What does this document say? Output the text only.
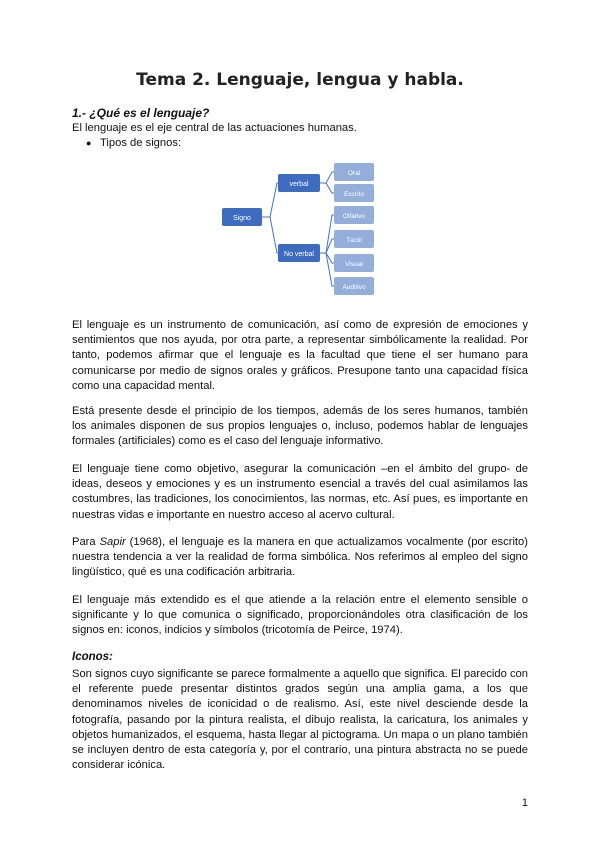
Tema 2. Lenguaje, lengua y habla.

1.- ¿Qué es el lenguaje?

El lenguaje es el eje central de las actuaciones humanas.

● Tipos de signos:

Signo
verbal
No verbal
Oral
Escrito
Olfativo
Táctil
Visual
Auditivo

El lenguaje es un instrumento de comunicación, así como de expresión de emociones y sentimientos que nos ayuda, por otra parte, a representar simbólicamente la realidad. Por tanto, podemos afirmar que el lenguaje es la facultad que tiene el ser humano para comunicarse por medio de signos orales y gráficos. Presupone tanto una capacidad física como una capacidad mental.

Está presente desde el principio de los tiempos, además de los seres humanos, también los animales disponen de sus propios lenguajes o, incluso, podemos hablar de lenguajes formales (artificiales) como es el caso del lenguaje informativo.

El lenguaje tiene como objetivo, asegurar la comunicación –en el ámbito del grupo- de ideas, deseos y emociones y es un instrumento esencial a través del cual asimilamos las costumbres, las tradiciones, los conocimientos, las normas, etc. Así pues, es importante en nuestras vidas e importante en nuestro acceso al acervo cultural.

Para Sapir (1968), el lenguaje es la manera en que actualizamos vocalmente (por escrito) nuestra tendencia a ver la realidad de forma simbólica. Nos referimos al empleo del signo lingüístico, qué es una codificación arbitraria.

El lenguaje más extendido es el que atiende a la relación entre el elemento sensible o significante y lo que comunica o significado, proporcionándoles otra clasificación de los signos en: iconos, indicios y símbolos (tricotomía de Peirce, 1974).

Iconos:

Son signos cuyo significante se parece formalmente a aquello que significa. El parecido con el referente puede presentar distintos grados según una amplia gama, a los que denominamos niveles de iconicidad o de realismo. Así, este nivel desciende desde la fotografía, pasando por la pintura realista, el dibujo realista, la caricatura, los animales y objetos humanizados, el esquema, hasta llegar al pictograma. Un mapa o un plano también se incluyen dentro de esta categoría y, por el contrario, una pintura abstracta no se puede considerar icónica.

1
